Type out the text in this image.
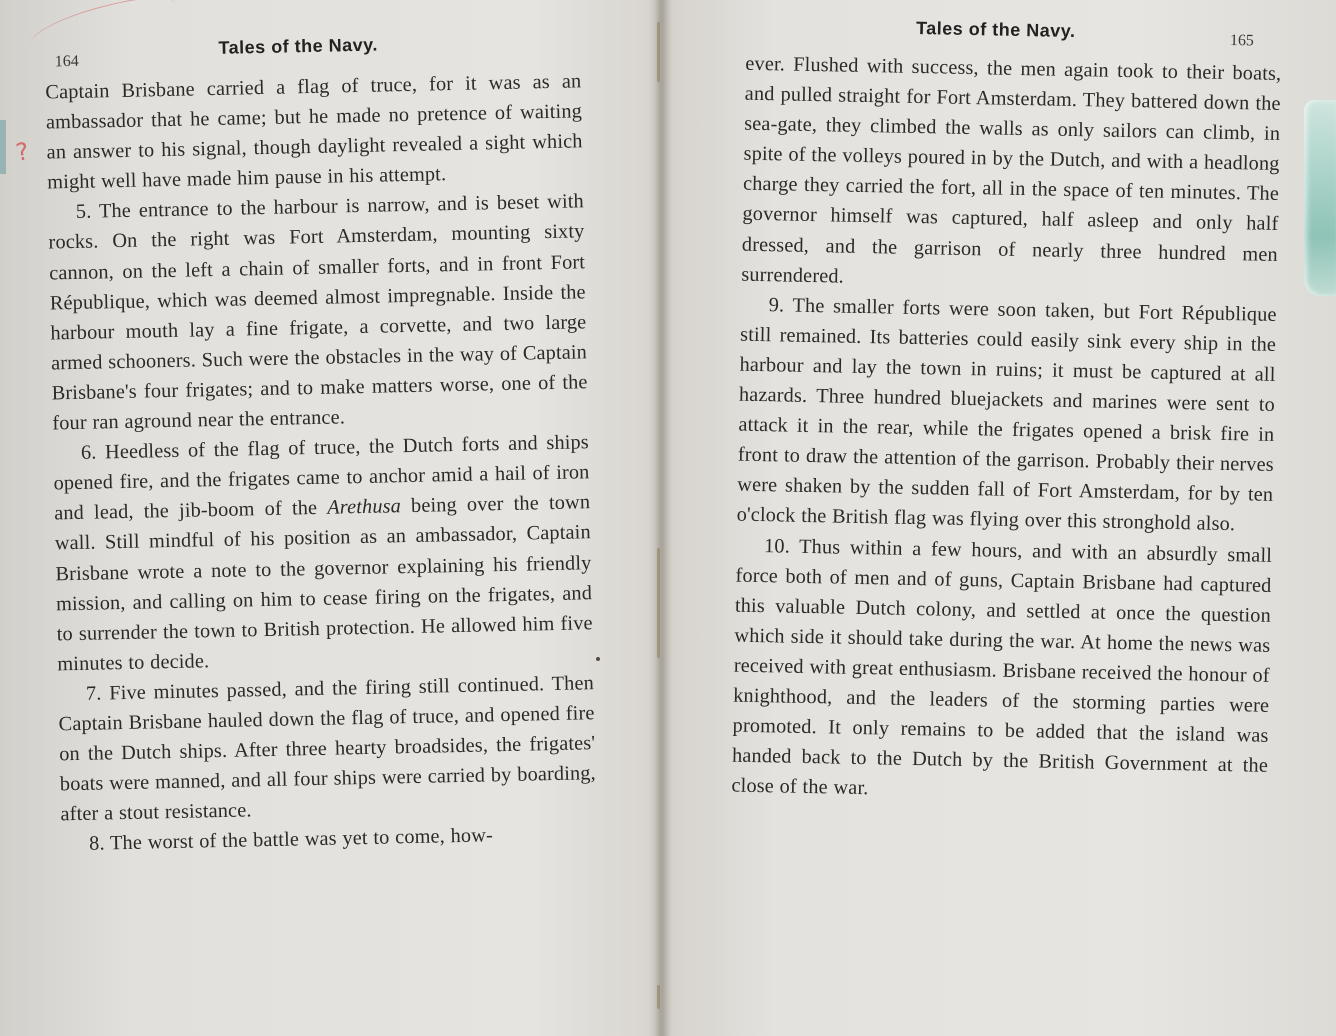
164
Tales of the Navy.

Captain Brisbane carried a flag of truce, for it was as an ambassador that he came; but he made no pretence of waiting an answer to his signal, though daylight revealed a sight which might well have made him pause in his attempt.

5. The entrance to the harbour is narrow, and is beset with rocks. On the right was Fort Amsterdam, mounting sixty cannon, on the left a chain of smaller forts, and in front Fort République, which was deemed almost impregnable. Inside the harbour mouth lay a fine frigate, a corvette, and two large armed schooners. Such were the obstacles in the way of Captain Brisbane's four frigates; and to make matters worse, one of the four ran aground near the entrance.

6. Heedless of the flag of truce, the Dutch forts and ships opened fire, and the frigates came to anchor amid a hail of iron and lead, the jib-boom of the Arethusa being over the town wall. Still mindful of his position as an ambassador, Captain Brisbane wrote a note to the governor explaining his friendly mission, and calling on him to cease firing on the frigates, and to surrender the town to British protection. He allowed him five minutes to decide.

7. Five minutes passed, and the firing still continued. Then Captain Brisbane hauled down the flag of truce, and opened fire on the Dutch ships. After three hearty broadsides, the frigates' boats were manned, and all four ships were carried by boarding, after a stout resistance.

8. The worst of the battle was yet to come, how-

?
Tales of the Navy.	165

ever. Flushed with success, the men again took to their boats, and pulled straight for Fort Amsterdam. They battered down the sea-gate, they climbed the walls as only sailors can climb, in spite of the volleys poured in by the Dutch, and with a headlong charge they carried the fort, all in the space of ten minutes. The governor himself was captured, half asleep and only half dressed, and the garrison of nearly three hundred men surrendered.

9. The smaller forts were soon taken, but Fort République still remained. Its batteries could easily sink every ship in the harbour and lay the town in ruins; it must be captured at all hazards. Three hundred bluejackets and marines were sent to attack it in the rear, while the frigates opened a brisk fire in front to draw the attention of the garrison. Probably their nerves were shaken by the sudden fall of Fort Amsterdam, for by ten o'clock the British flag was flying over this stronghold also.

10. Thus within a few hours, and with an absurdly small force both of men and of guns, Captain Brisbane had captured this valuable Dutch colony, and settled at once the question which side it should take during the war. At home the news was received with great enthusiasm. Brisbane received the honour of knighthood, and the leaders of the storming parties were promoted. It only remains to be added that the island was handed back to the Dutch by the British Government at the close of the war.
